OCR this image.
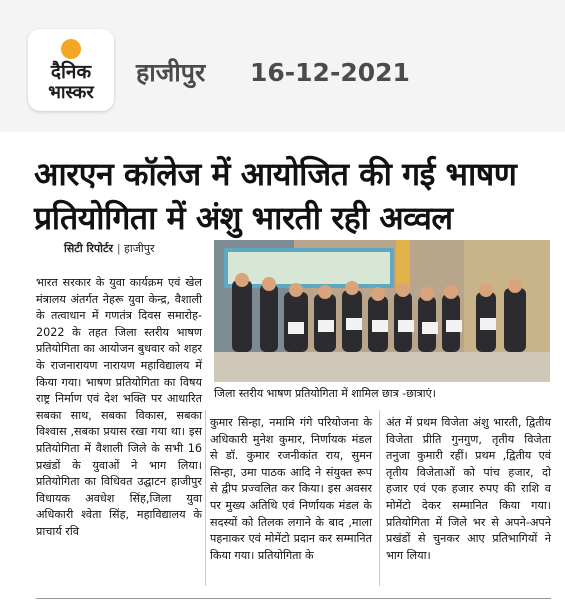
दैनिक
भास्कर
हाजीपुर 16-12-2021
आरएन कॉलेज में आयोजित की गई भाषण प्रतियोगिता में अंशु भारती रही अव्वल
सिटी रिपोर्टर | हाजीपुर
जिला स्तरीय भाषण प्रतियोगिता में शामिल छात्र -छात्राएं।
भारत सरकार के युवा कार्यक्रम एवं खेल मंत्रालय अंतर्गत नेहरू युवा केन्द्र, वैशाली के तत्वाधान में गणतंत्र दिवस समारोह- 2022 के तहत जिला स्तरीय भाषण प्रतियोगिता का आयोजन बुधवार को शहर के राजनारायण नारायण महाविद्यालय में किया गया। भाषण प्रतियोगिता का विषय राष्ट्र निर्माण एवं देश भक्ति पर आधारित सबका साथ, सबका विकास, सबका विश्वास ,सबका प्रयास रखा गया था। इस प्रतियोगिता में वैशाली जिले के सभी 16 प्रखंडों के युवाओं ने भाग लिया। प्रतियोगिता का विधिवत उद्घाटन हाजीपुर विधायक अवधेश सिंह,जिला युवा अधिकारी श्वेता सिंह, महाविद्यालय के प्राचार्य रवि
कुमार सिन्हा, नमामि गंगे परियोजना के अधिकारी मुनेश कुमार, निर्णायक मंडल से डॉ. कुमार रजनीकांत राय, सुमन सिन्हा, उमा पाठक आदि ने संयुक्त रूप से द्वीप प्रज्वलित कर किया। इस अवसर पर मुख्य अतिथि एवं निर्णायक मंडल के सदस्यों को तिलक लगाने के बाद ,माला पहनाकर एवं मोमेंटो प्रदान कर सम्मानित किया गया। प्रतियोगिता के
अंत में प्रथम विजेता अंशु भारती, द्वितीय विजेता प्रीति गुनगुण, तृतीय विजेता तनुजा कुमारी रहीं। प्रथम ,द्वितीय एवं तृतीय विजेताओं को पांच हजार, दो हजार एवं एक हजार रुपए की राशि व मोमेंटो देकर सम्मानित किया गया। प्रतियोगिता में जिले भर से अपने-अपने प्रखंडों से चुनकर आए प्रतिभागियों ने भाग लिया।
